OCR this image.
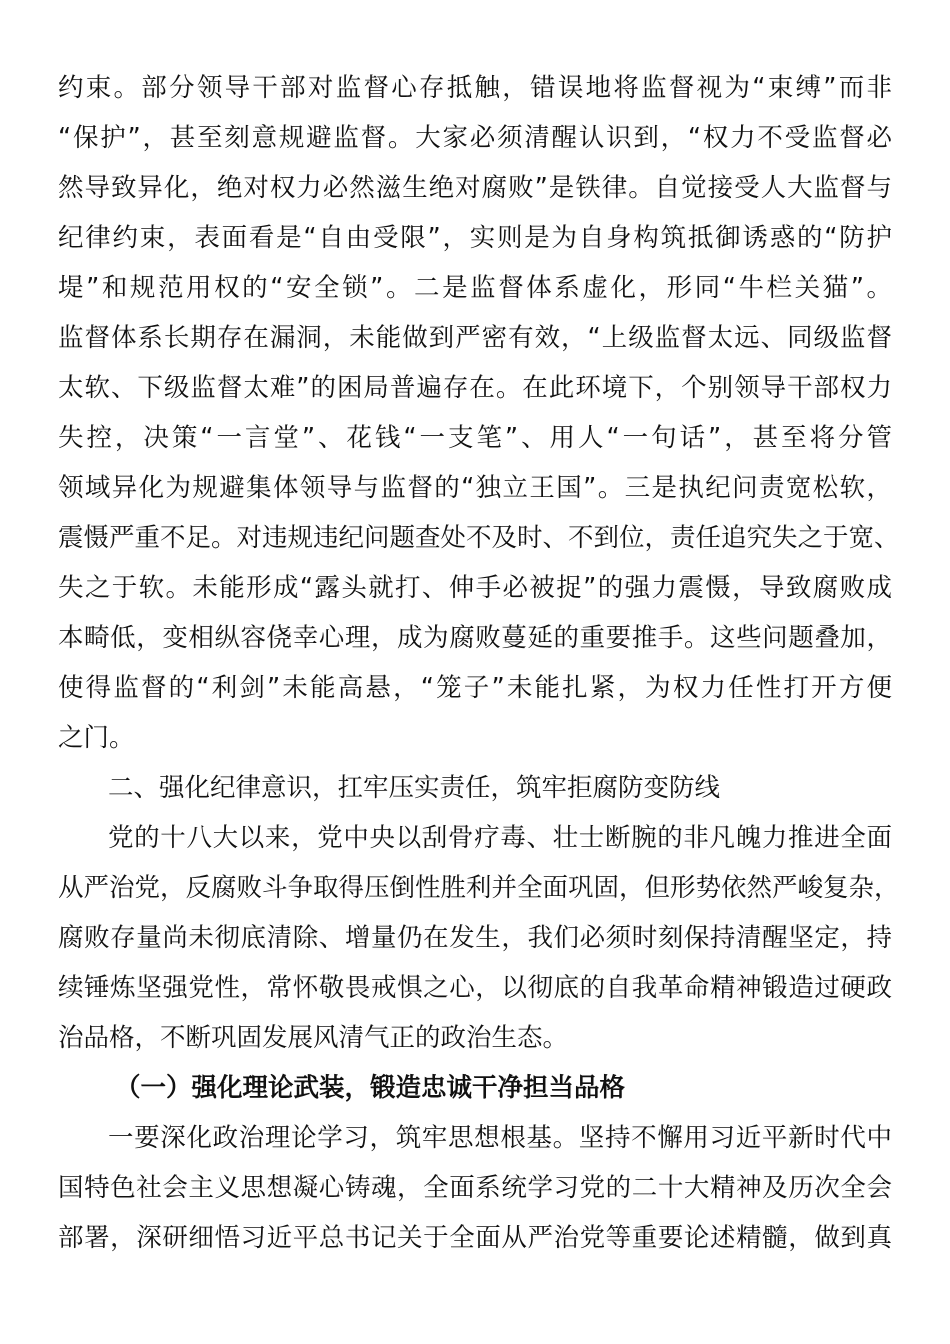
约束。部分领导干部对监督心存抵触，错误地将监督视为“束缚”而非
“保护”，甚至刻意规避监督。大家必须清醒认识到，“权力不受监督必
然导致异化，绝对权力必然滋生绝对腐败”是铁律。自觉接受人大监督与
纪律约束，表面看是“自由受限”，实则是为自身构筑抵御诱惑的“防护
堤”和规范用权的“安全锁”。二是监督体系虚化，形同“牛栏关猫”。
监督体系长期存在漏洞，未能做到严密有效，“上级监督太远、同级监督
太软、下级监督太难”的困局普遍存在。在此环境下，个别领导干部权力
失控，决策“一言堂”、花钱“一支笔”、用人“一句话”，甚至将分管
领域异化为规避集体领导与监督的“独立王国”。三是执纪问责宽松软，
震慑严重不足。对违规违纪问题查处不及时、不到位，责任追究失之于宽、
失之于软。未能形成“露头就打、伸手必被捉”的强力震慑，导致腐败成
本畸低，变相纵容侥幸心理，成为腐败蔓延的重要推手。这些问题叠加，
使得监督的“利剑”未能高悬，“笼子”未能扎紧，为权力任性打开方便
之门。
二、强化纪律意识，扛牢压实责任，筑牢拒腐防变防线
党的十八大以来，党中央以刮骨疗毒、壮士断腕的非凡魄力推进全面
从严治党，反腐败斗争取得压倒性胜利并全面巩固，但形势依然严峻复杂，
腐败存量尚未彻底清除、增量仍在发生，我们必须时刻保持清醒坚定，持
续锤炼坚强党性，常怀敬畏戒惧之心，以彻底的自我革命精神锻造过硬政
治品格，不断巩固发展风清气正的政治生态。
（一）强化理论武装，锻造忠诚干净担当品格
一要深化政治理论学习，筑牢思想根基。坚持不懈用习近平新时代中
国特色社会主义思想凝心铸魂，全面系统学习党的二十大精神及历次全会
部署，深研细悟习近平总书记关于全面从严治党等重要论述精髓，做到真
